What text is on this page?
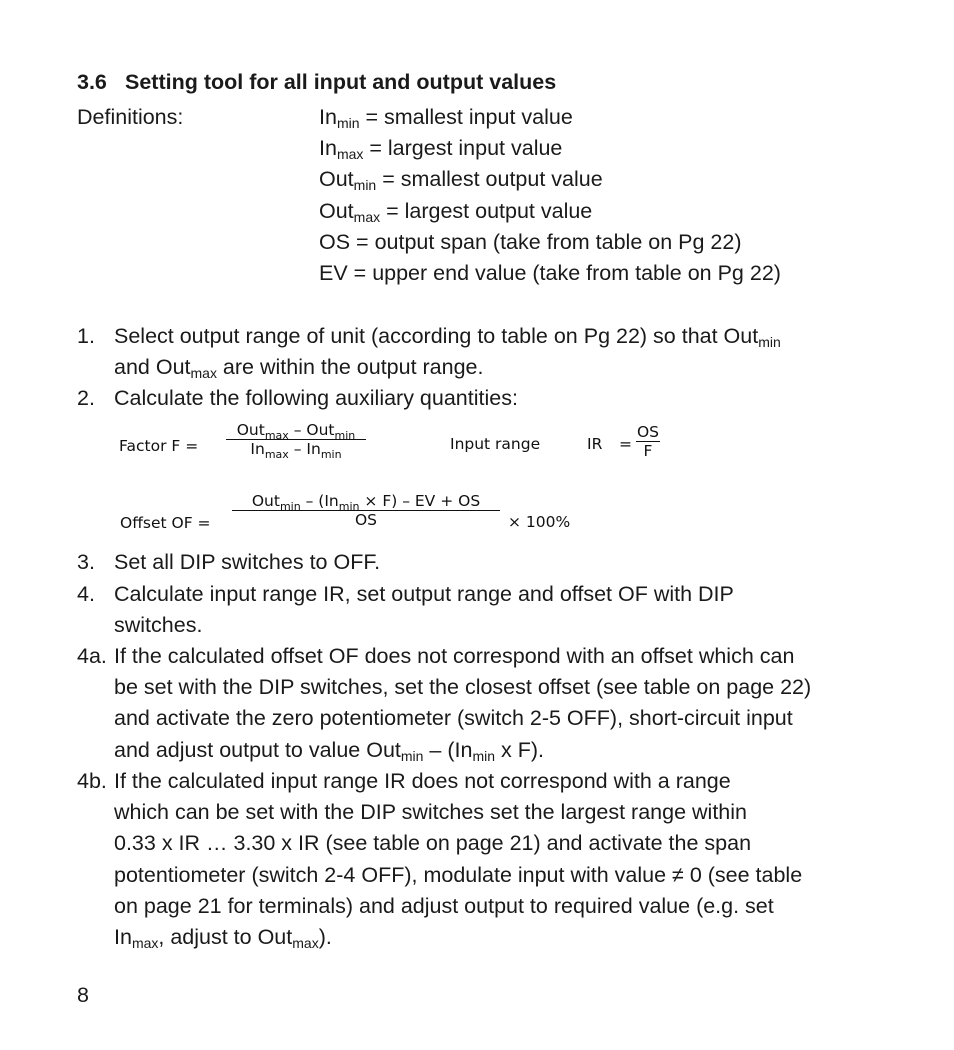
3.6 Setting tool for all input and output values
Definitions:	$In_{min}$ = smallest input value
$In_{max}$ = largest input value
Out$_{min}$ = smallest output value
Out$_{max}$ = largest output value
OS = output span (take from table on Pg 22)
EV = upper end value (take from table on Pg 22)
1. Select output range of unit (according to table on Pg 22) so that Out$_{min}$
and Out$_{max}$ are within the output range.
2. Calculate the following auxiliary quantities:
Factor F =
Out$_{max}$ – Out$_{min}$
$In_{max} - In_{min}$
Input range	IR =
OS
F
Offset OF =
$Out_{min} - (In_{min} \times F)$ – EV + OS
OS	× 100%
3. Set all DIP switches to OFF.
4. Calculate input range IR, set output range and offset OF with DIP
switches.
4a. If the calculated offset OF does not correspond with an offset which can
be set with the DIP switches, set the closest offset (see table on page 22)
and activate the zero potentiometer (switch 2-5 OFF), short-circuit input
and adjust output to value $Out_{min} - (In_{min}$ x F).
4b. If the calculated input range IR does not correspond with a range
which can be set with the DIP switches set the largest range within
0.33 x IR … 3.30 x IR (see table on page 21) and activate the span
potentiometer (switch 2-4 OFF), modulate input with value ≠ 0 (see table
on page 21 for terminals) and adjust output to required value (e.g. set
$In_{max}$, adjust to Out$_{max}$).
8
